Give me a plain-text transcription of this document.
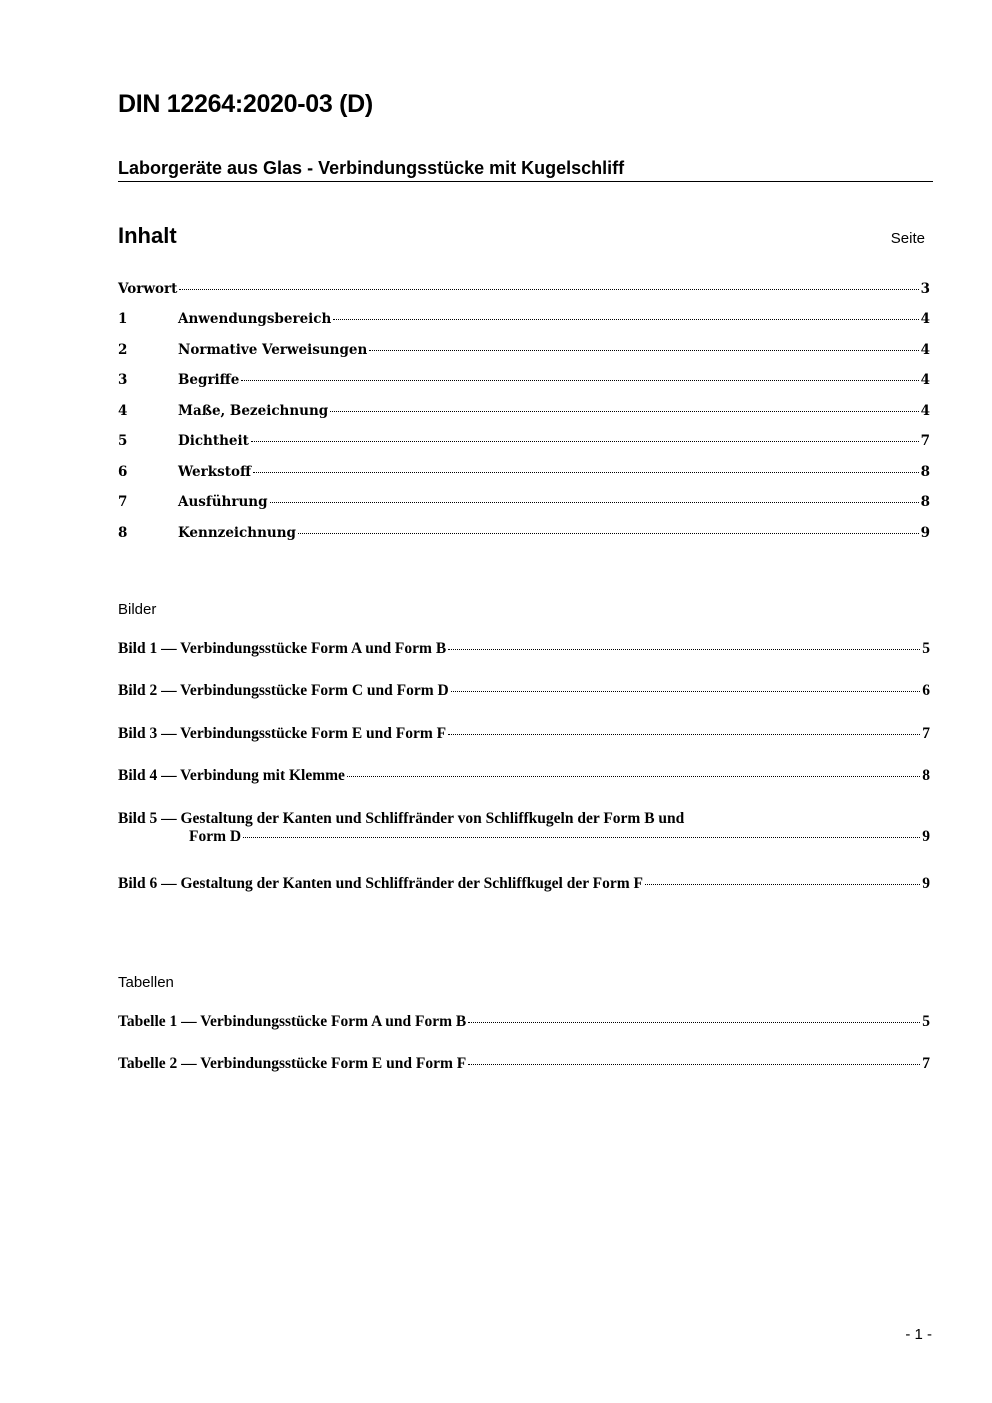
DIN 12264:2020-03 (D)
Laborgeräte aus Glas - Verbindungsstücke mit Kugelschliff
Inhalt	Seite
Vorwort	3
1	Anwendungsbereich	4
2	Normative Verweisungen	4
3	Begriffe	4
4	Maße, Bezeichnung	4
5	Dichtheit	7
6	Werkstoff	8
7	Ausführung	8
8	Kennzeichnung	9

Bilder

Bild 1 — Verbindungsstücke Form A und Form B	5
Bild 2 — Verbindungsstücke Form C und Form D	6
Bild 3 — Verbindungsstücke Form E und Form F	7
Bild 4 — Verbindung mit Klemme	8
Bild 5 — Gestaltung der Kanten und Schliffränder von Schliffkugeln der Form B und
Form D	9
Bild 6 — Gestaltung der Kanten und Schliffränder der Schliffkugel der Form F	9

Tabellen

Tabelle 1 — Verbindungsstücke Form A und Form B	5
Tabelle 2 — Verbindungsstücke Form E und Form F	7
- 1 -
